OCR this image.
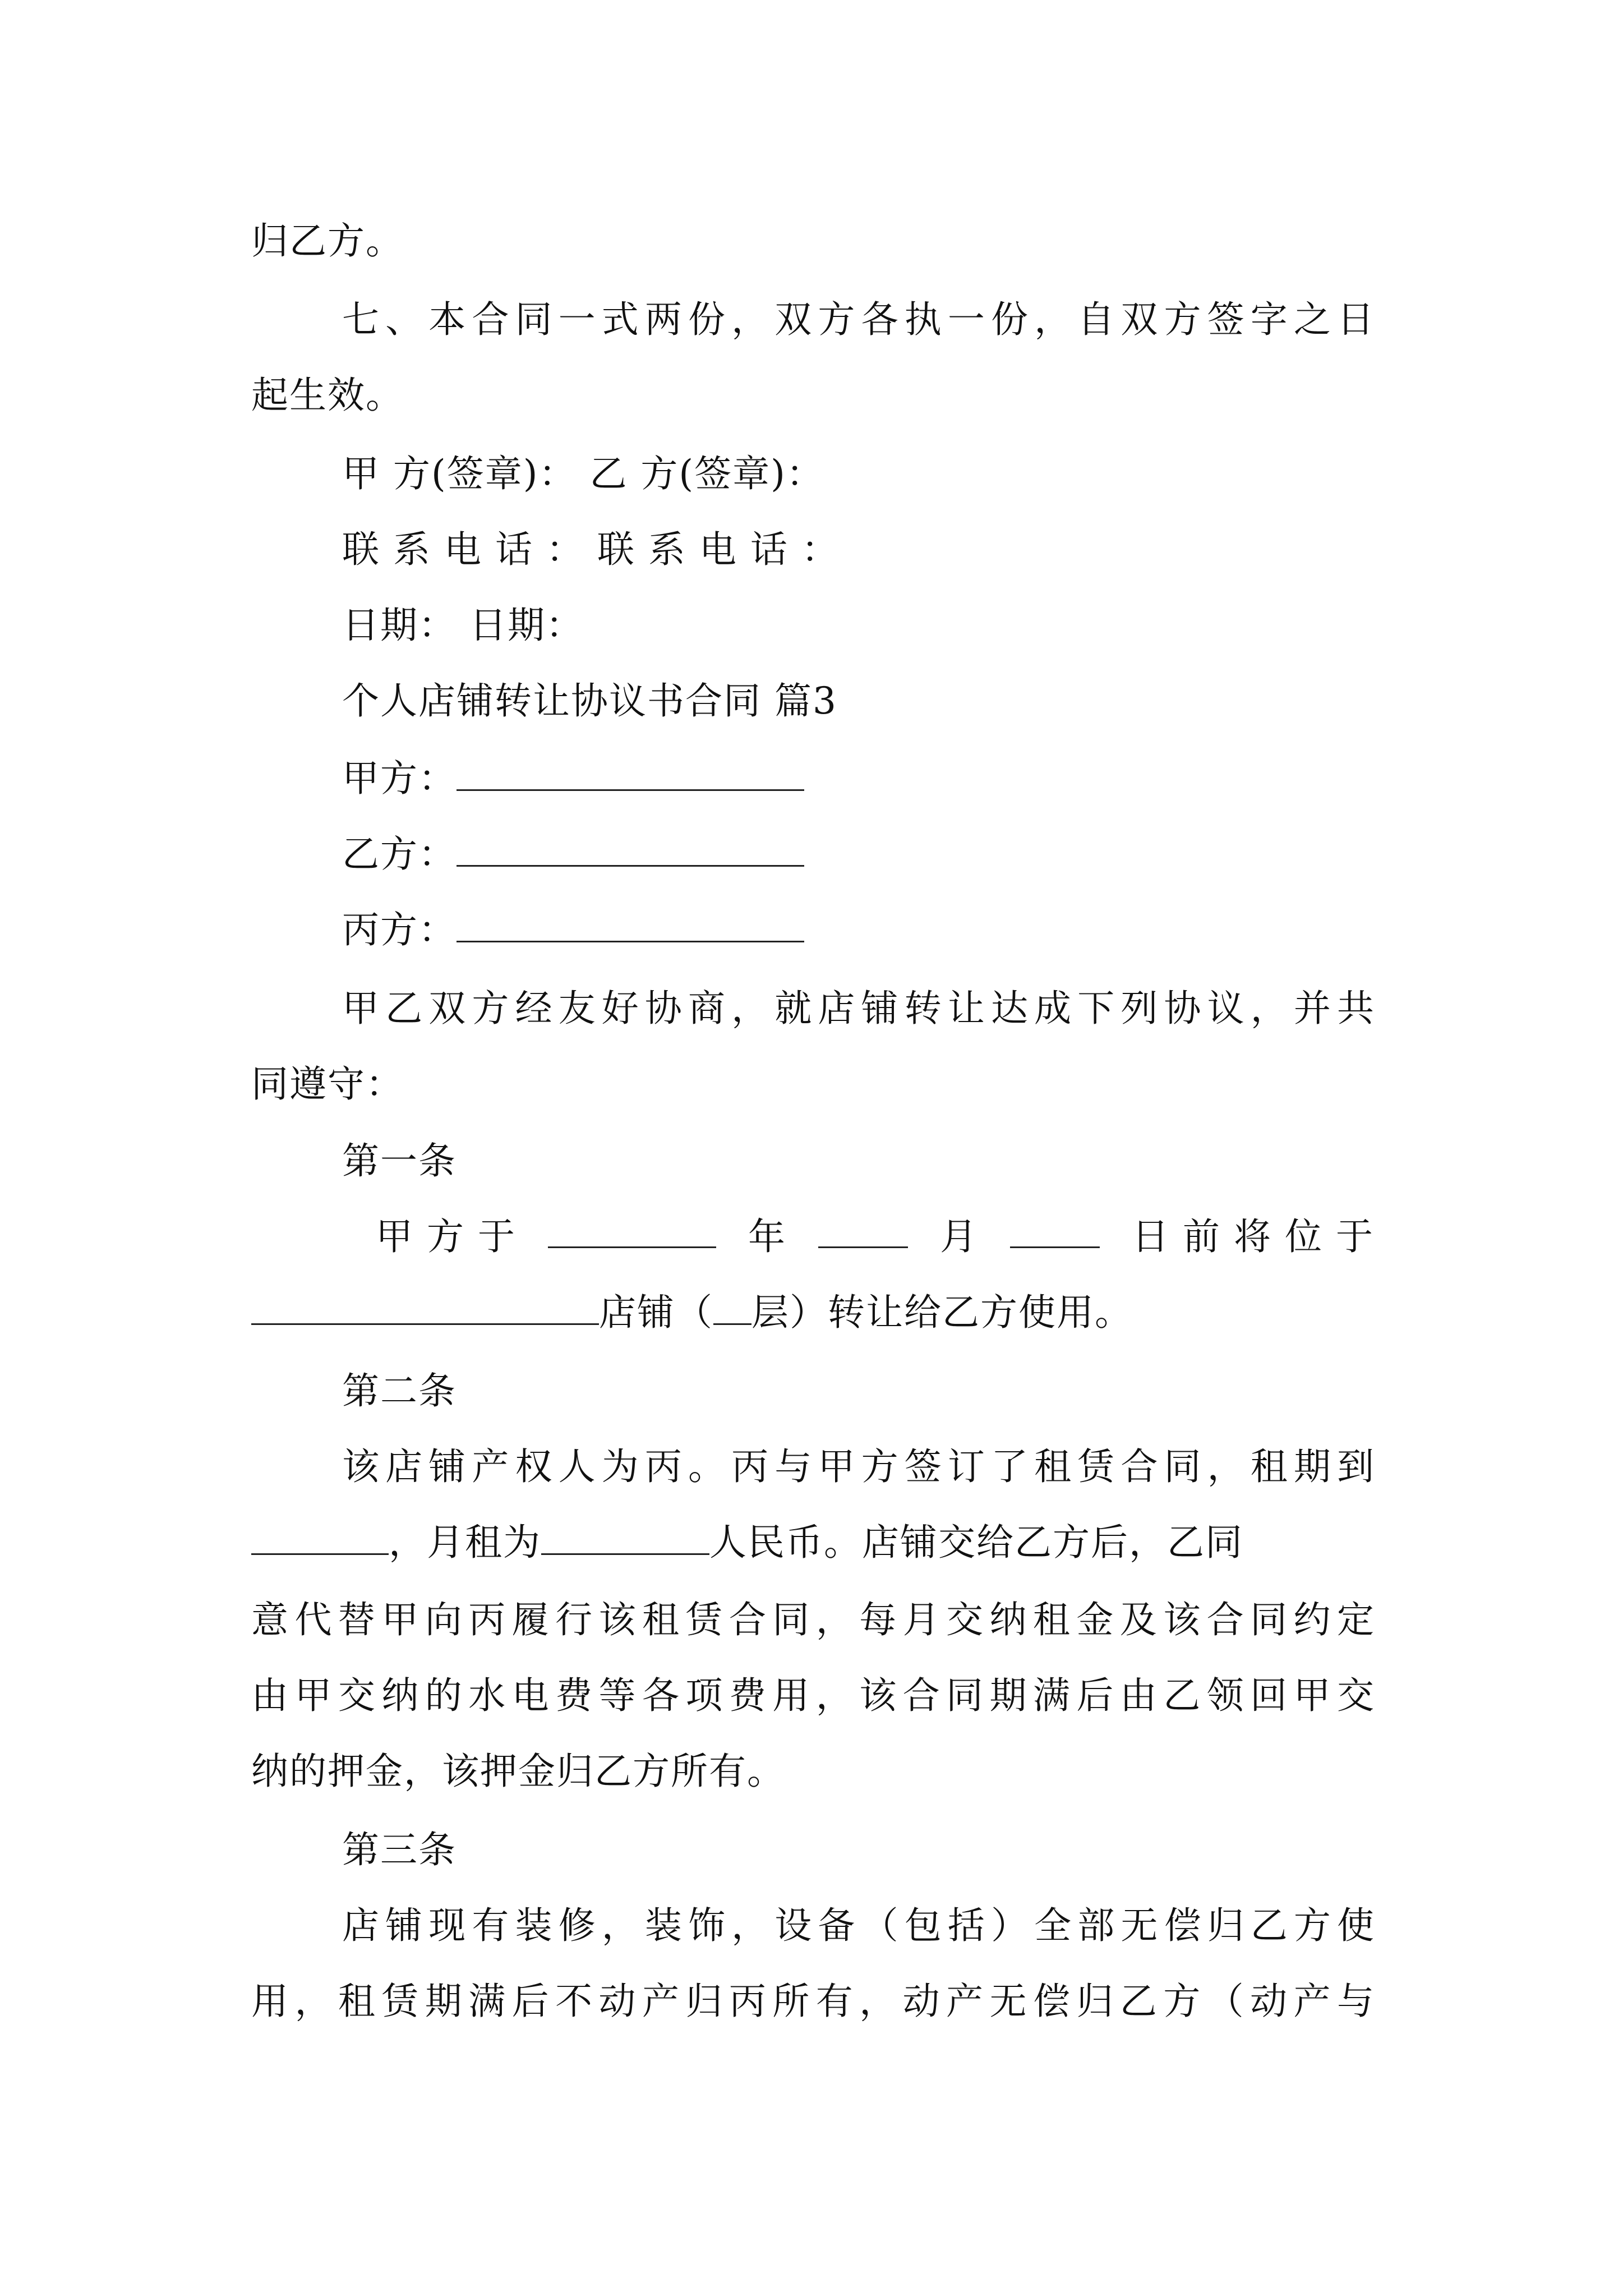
归乙方。
七、本合同一式两份，双方各执一份，自双方签字之日
起生效。
甲 方(签章)： 乙 方(签章)：
联 系 电 话 ： 联 系 电 话 ：
日期： 日期：
个人店铺转让协议书合同 篇3
甲方：
乙方：
丙方：
甲乙双方经友好协商，就店铺转让达成下列协议，并共
同遵守：
第一条
甲 方 于	年	月	日 前 将 位 于
店铺（ 层）转让给乙方使用。
第二条
该店铺产权人为丙。丙与甲方签订了租赁合同，租期到
，月租为	人民币。店铺交给乙方后，乙同
意代替甲向丙履行该租赁合同，每月交纳租金及该合同约定
由甲交纳的水电费等各项费用，该合同期满后由乙领回甲交
纳的押金，该押金归乙方所有。
第三条
店铺现有装修，装饰，设备（包括）全部无偿归乙方使
用，租赁期满后不动产归丙所有，动产无偿归乙方（动产与
